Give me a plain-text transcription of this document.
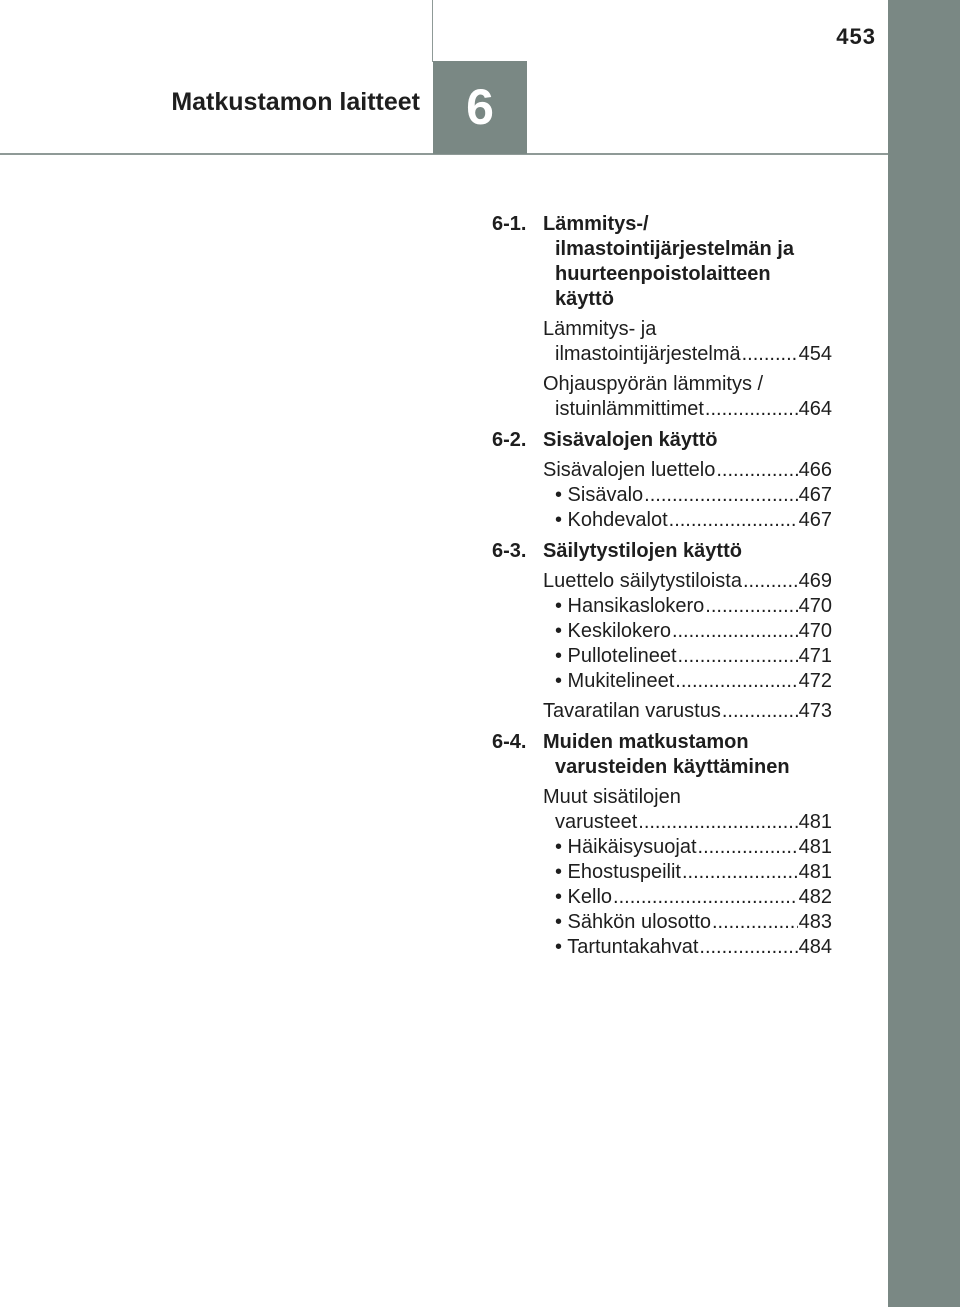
6
453
Matkustamon laitteet
6-1. Lämmitys-/ ilmastointijärjestelmän ja huurteenpoistolaitteen käyttö
Lämmitys- ja
ilmastointijärjestelmä .....	454
Ohjauspyörän lämmitys /
istuinlämmittimet .....	464
6-2. Sisävalojen käyttö
Sisävalojen luettelo .....	466
• Sisävalo .....	467
• Kohdevalot .....	467
6-3. Säilytystilojen käyttö
Luettelo säilytystiloista .....	469
• Hansikaslokero .....	470
• Keskilokero .....	470
• Pullotelineet .....	471
• Mukitelineet .....	472
Tavaratilan varustus .....	473
6-4. Muiden matkustamon varusteiden käyttäminen
Muut sisätilojen
varusteet .....	481
• Häikäisysuojat .....	481
• Ehostuspeilit .....	481
• Kello .....	482
• Sähkön ulosotto .....	483
• Tartuntakahvat .....	484
